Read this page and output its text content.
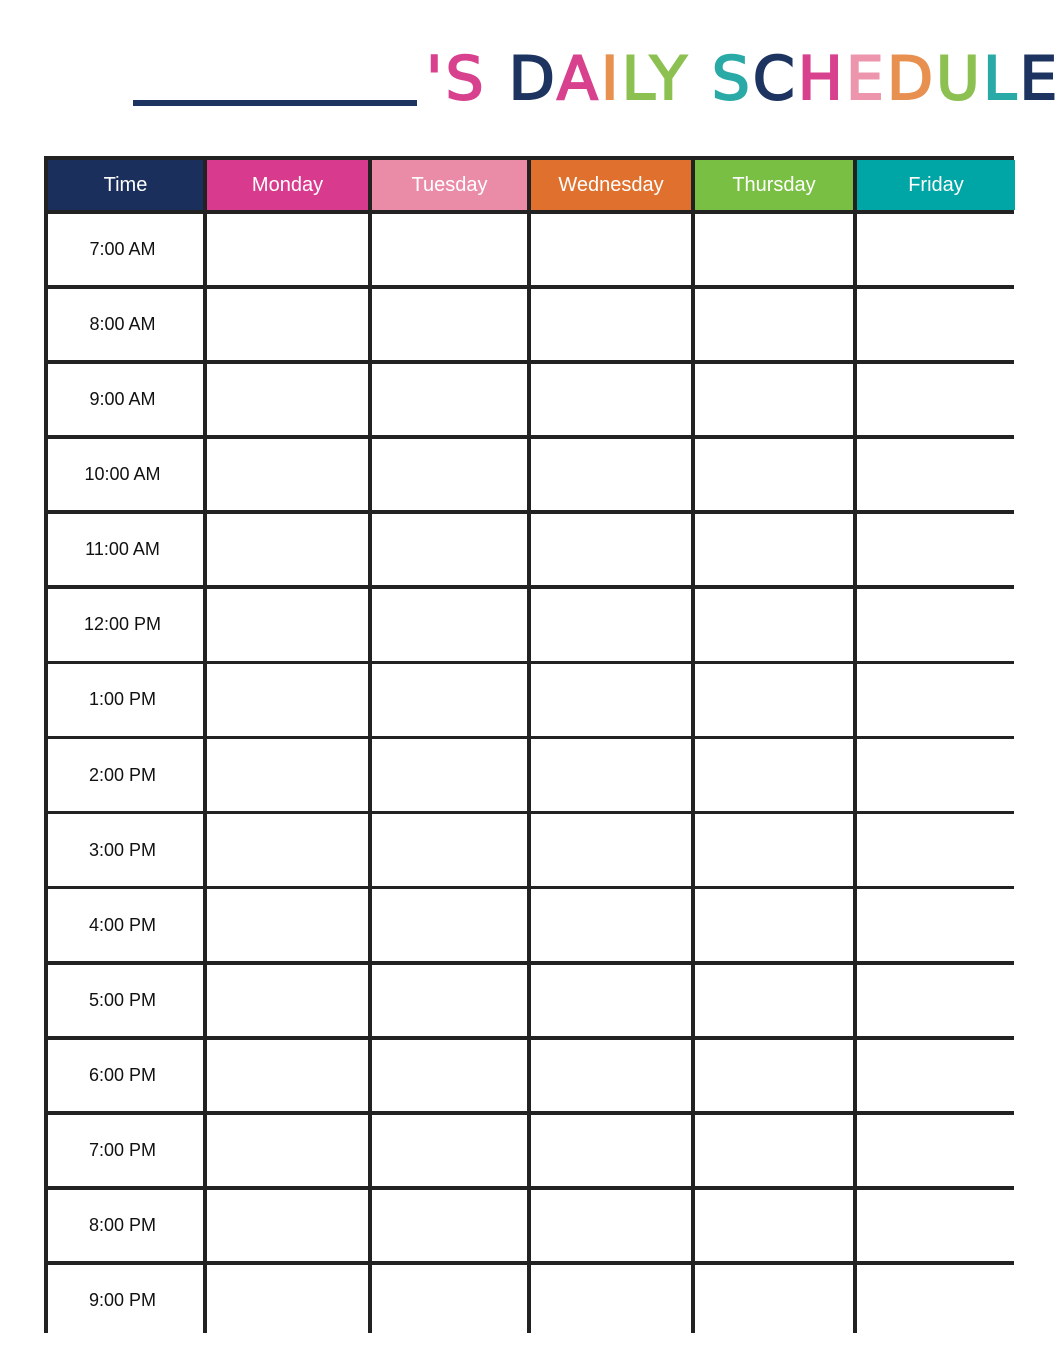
'S DAILY SCHEDULE
Time	Monday	Tuesday	Wednesday	Thursday	Friday
7:00 AM
8:00 AM
9:00 AM
10:00 AM
11:00 AM
12:00 PM
1:00 PM
2:00 PM
3:00 PM
4:00 PM
5:00 PM
6:00 PM
7:00 PM
8:00 PM
9:00 PM
